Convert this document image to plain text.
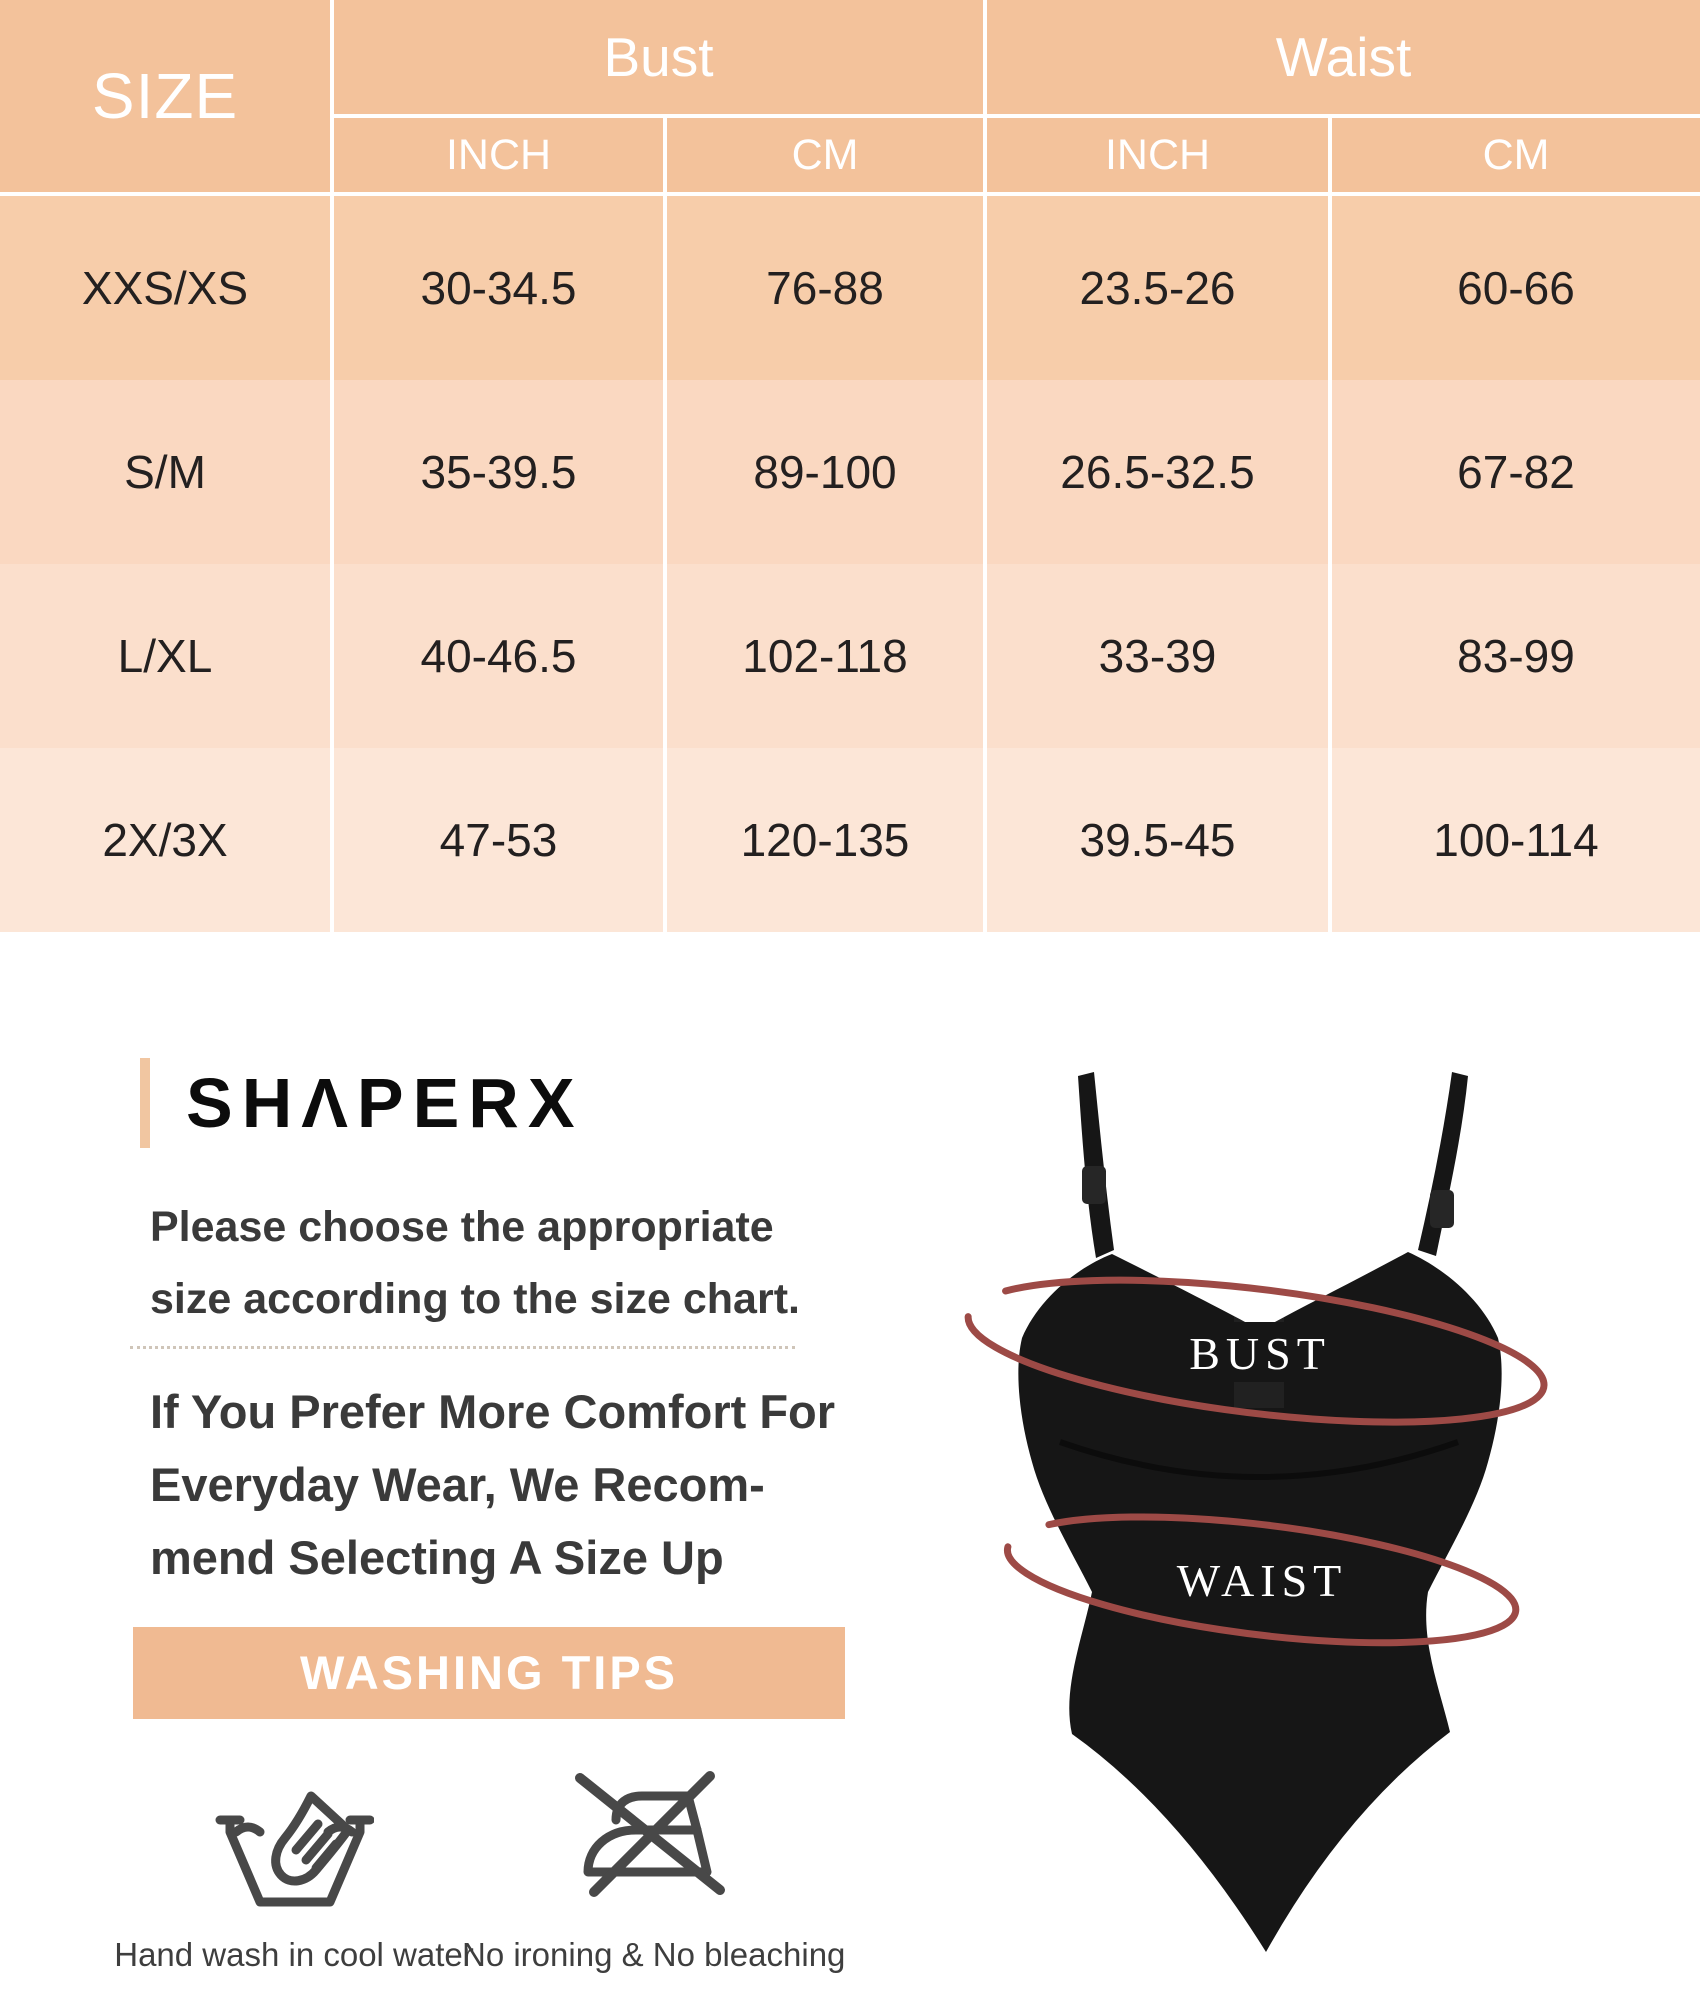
SIZE	Bust		Waist	
	INCH	CM	INCH	CM
XXS/XS	30-34.5	76-88	23.5-26	60-66
S/M	35-39.5	89-100	26.5-32.5	67-82
L/XL	40-46.5	102-118	33-39	83-99
2X/3X	47-53	120-135	39.5-45	100-114
SHΛPERX
Please choose the appropriate
size according to the size chart.
If You Prefer More Comfort For
Everyday Wear, We Recom-
mend Selecting A Size Up
WASHING TIPS
Hand wash in cool water
No ironing & No bleaching
BUST
WAIST
